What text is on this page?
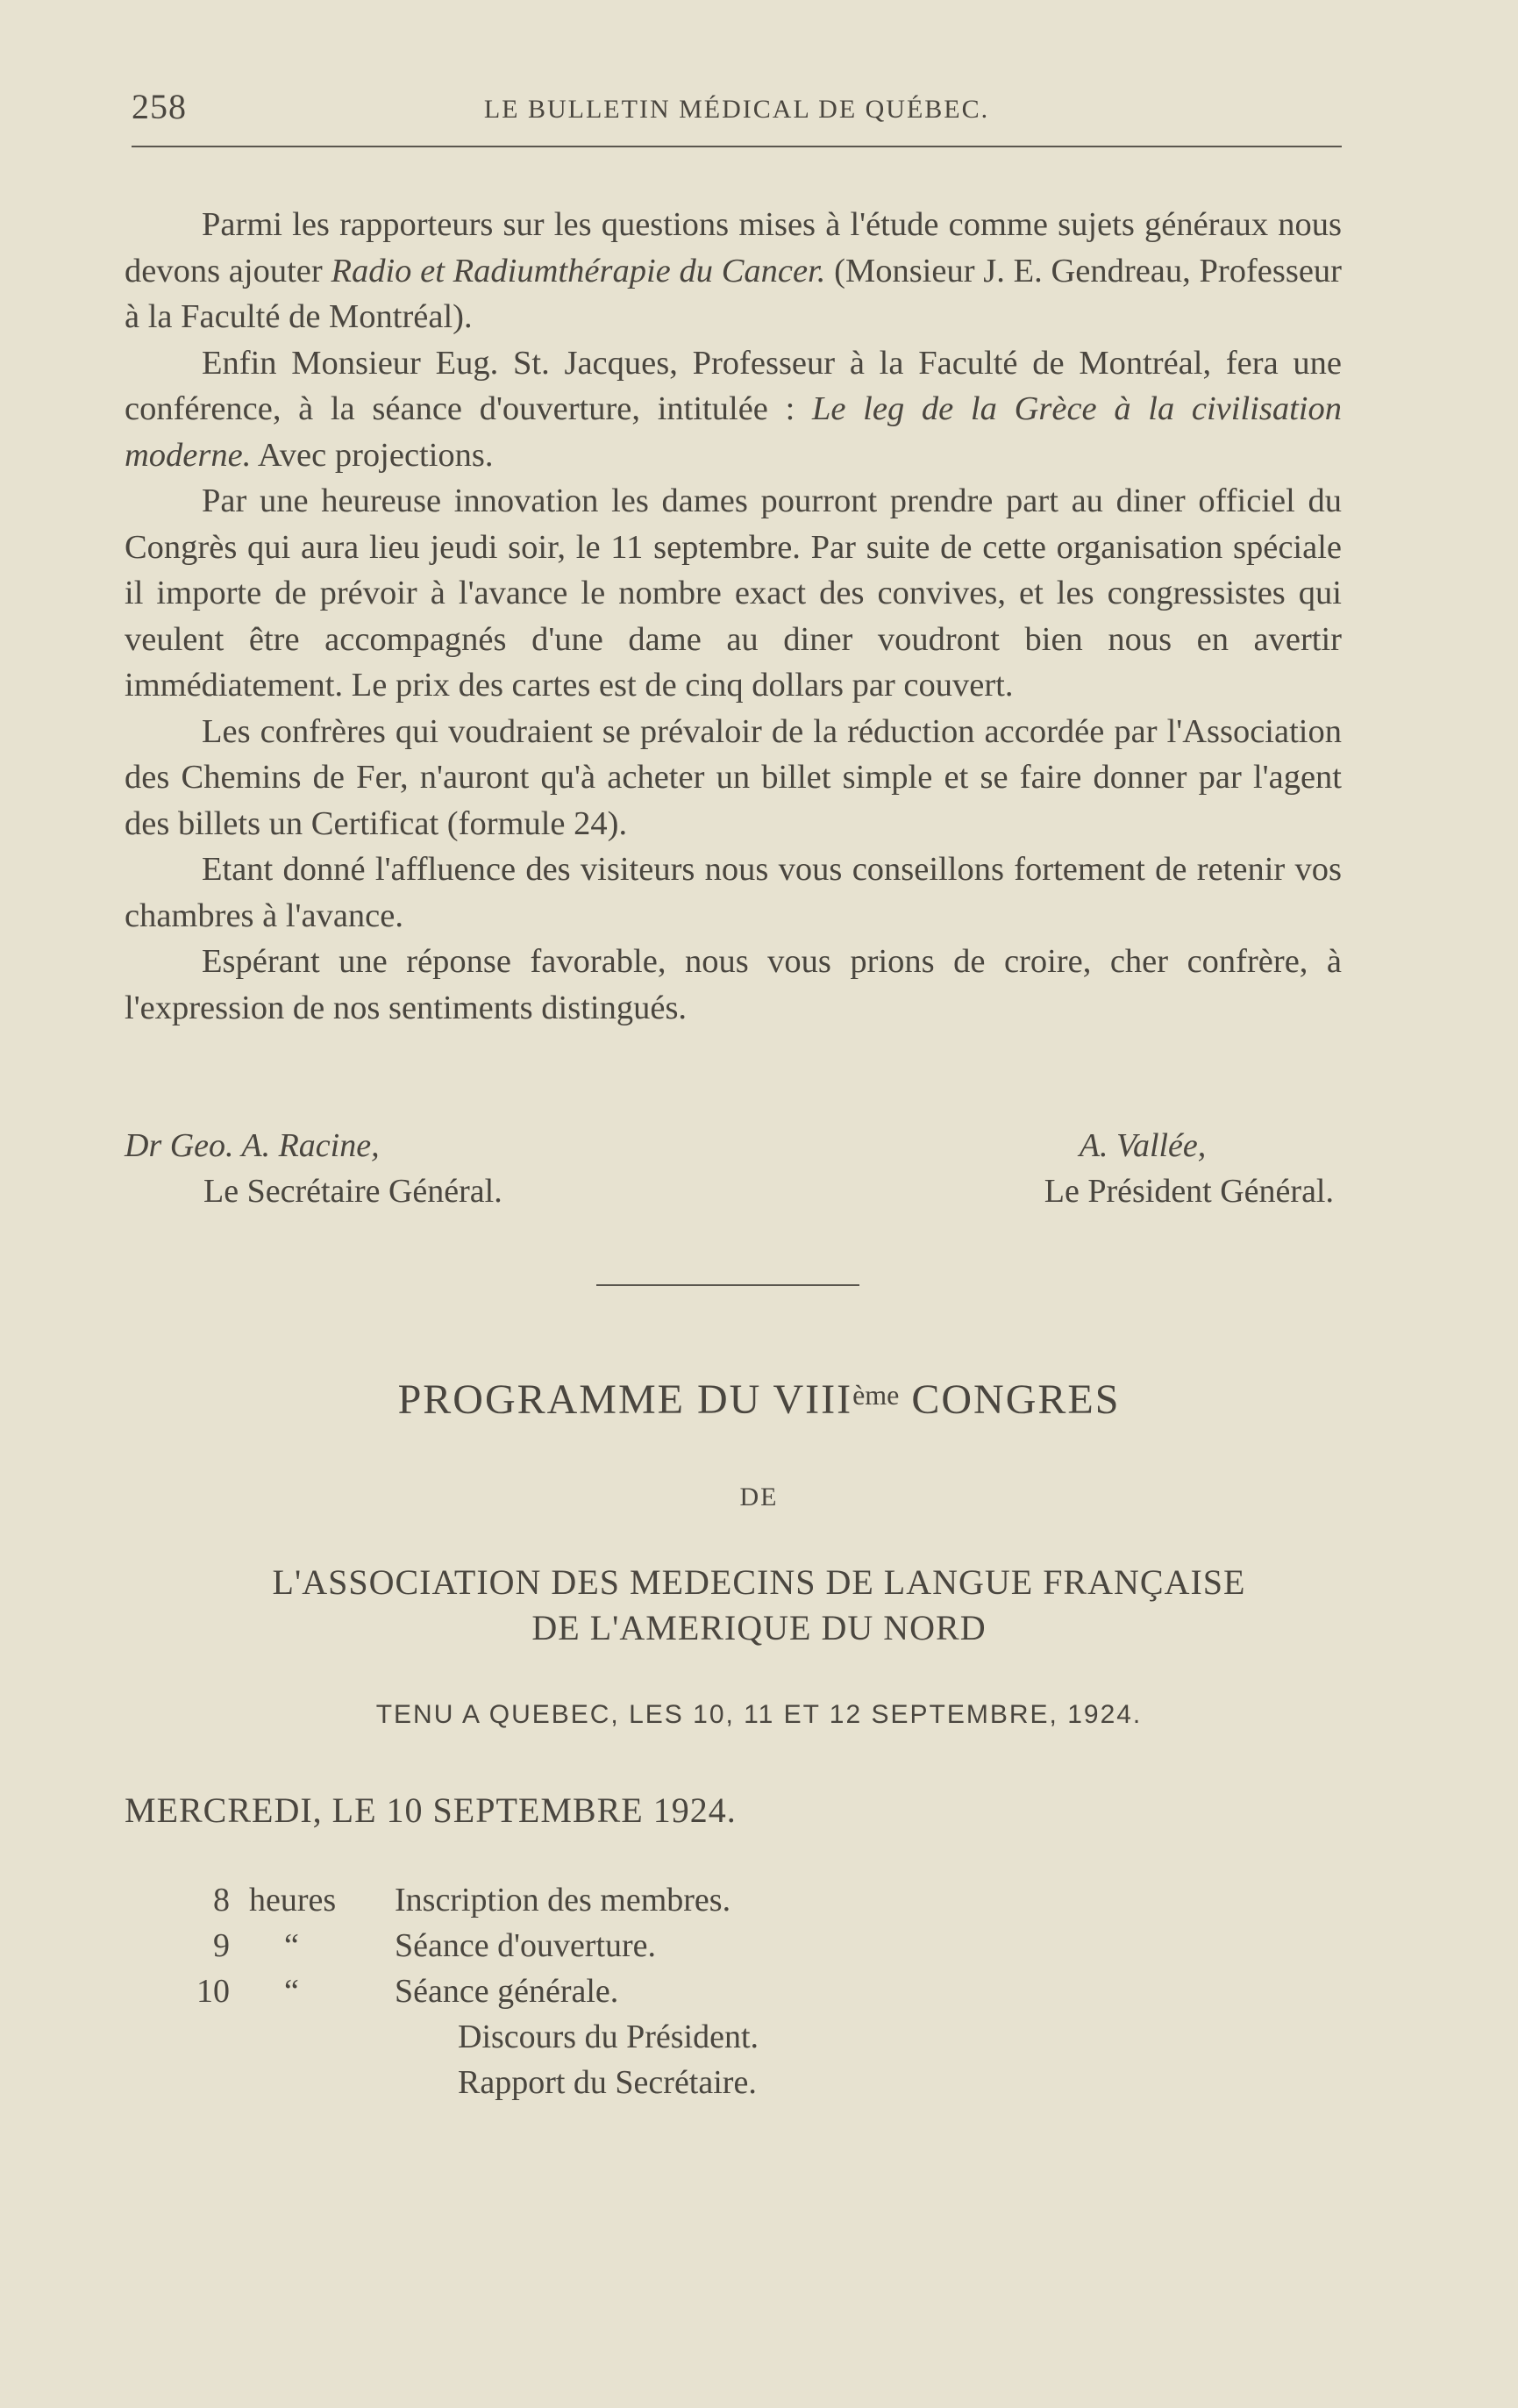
258	LE BULLETIN MÉDICAL DE QUÉBEC.

Parmi les rapporteurs sur les questions mises à l'étude comme sujets généraux nous devons ajouter Radio et Radiumthérapie du Cancer. (Monsieur J. E. Gendreau, Professeur à la Faculté de Montréal).

Enfin Monsieur Eug. St. Jacques, Professeur à la Faculté de Montréal, fera une conférence, à la séance d'ouverture, intitulée : Le leg de la Grèce à la civilisation moderne. Avec projections.

Par une heureuse innovation les dames pourront prendre part au diner officiel du Congrès qui aura lieu jeudi soir, le 11 septembre. Par suite de cette organisation spéciale il importe de prévoir à l'avance le nombre exact des convives, et les congressistes qui veulent être accompagnés d'une dame au diner voudront bien nous en avertir immédiatement. Le prix des cartes est de cinq dollars par couvert.

Les confrères qui voudraient se prévaloir de la réduction accordée par l'Association des Chemins de Fer, n'auront qu'à acheter un billet simple et se faire donner par l'agent des billets un Certificat (formule 24).

Etant donné l'affluence des visiteurs nous vous conseillons fortement de retenir vos chambres à l'avance.

Espérant une réponse favorable, nous vous prions de croire, cher confrère, à l'expression de nos sentiments distingués.

Dr Geo. A. Racine,
Le Secrétaire Général.
A. Vallée,
Le Président Général.
PROGRAMME DU VIIIème CONGRES
DE
L'ASSOCIATION DES MEDECINS DE LANGUE FRANÇAISE
DE L'AMERIQUE DU NORD
TENU A QUEBEC, LES 10, 11 ET 12 SEPTEMBRE, 1924.
MERCREDI, LE 10 SEPTEMBRE 1924.
8 heures	Inscription des membres.
9	“	Séance d'ouverture.
10	“	Séance générale.
Discours du Président.
Rapport du Secrétaire.
